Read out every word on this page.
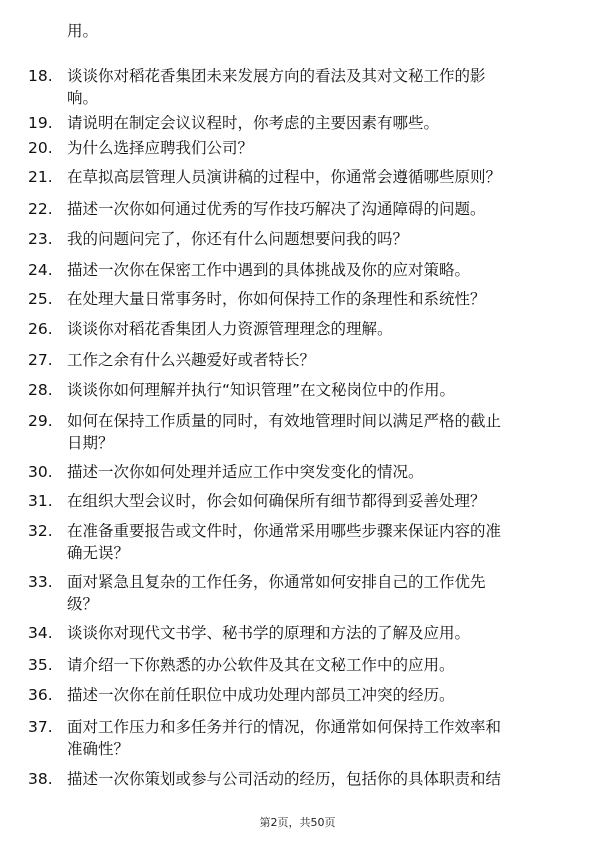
用。
18. 谈谈你对稻花香集团未来发展方向的看法及其对文秘工作的影
响。
19. 请说明在制定会议议程时，你考虑的主要因素有哪些。
20. 为什么选择应聘我们公司？
21. 在草拟高层管理人员演讲稿的过程中，你通常会遵循哪些原则？
22. 描述一次你如何通过优秀的写作技巧解决了沟通障碍的问题。
23. 我的问题问完了，你还有什么问题想要问我的吗？
24. 描述一次你在保密工作中遇到的具体挑战及你的应对策略。
25. 在处理大量日常事务时，你如何保持工作的条理性和系统性？
26. 谈谈你对稻花香集团人力资源管理理念的理解。
27. 工作之余有什么兴趣爱好或者特长？
28. 谈谈你如何理解并执行“知识管理”在文秘岗位中的作用。
29. 如何在保持工作质量的同时，有效地管理时间以满足严格的截止
日期？
30. 描述一次你如何处理并适应工作中突发变化的情况。
31. 在组织大型会议时，你会如何确保所有细节都得到妥善处理？
32. 在准备重要报告或文件时，你通常采用哪些步骤来保证内容的准
确无误？
33. 面对紧急且复杂的工作任务，你通常如何安排自己的工作优先
级？
34. 谈谈你对现代文书学、秘书学的原理和方法的了解及应用。
35. 请介绍一下你熟悉的办公软件及其在文秘工作中的应用。
36. 描述一次你在前任职位中成功处理内部员工冲突的经历。
37. 面对工作压力和多任务并行的情况，你通常如何保持工作效率和
准确性？
38. 描述一次你策划或参与公司活动的经历，包括你的具体职责和结
第2页，共50页
